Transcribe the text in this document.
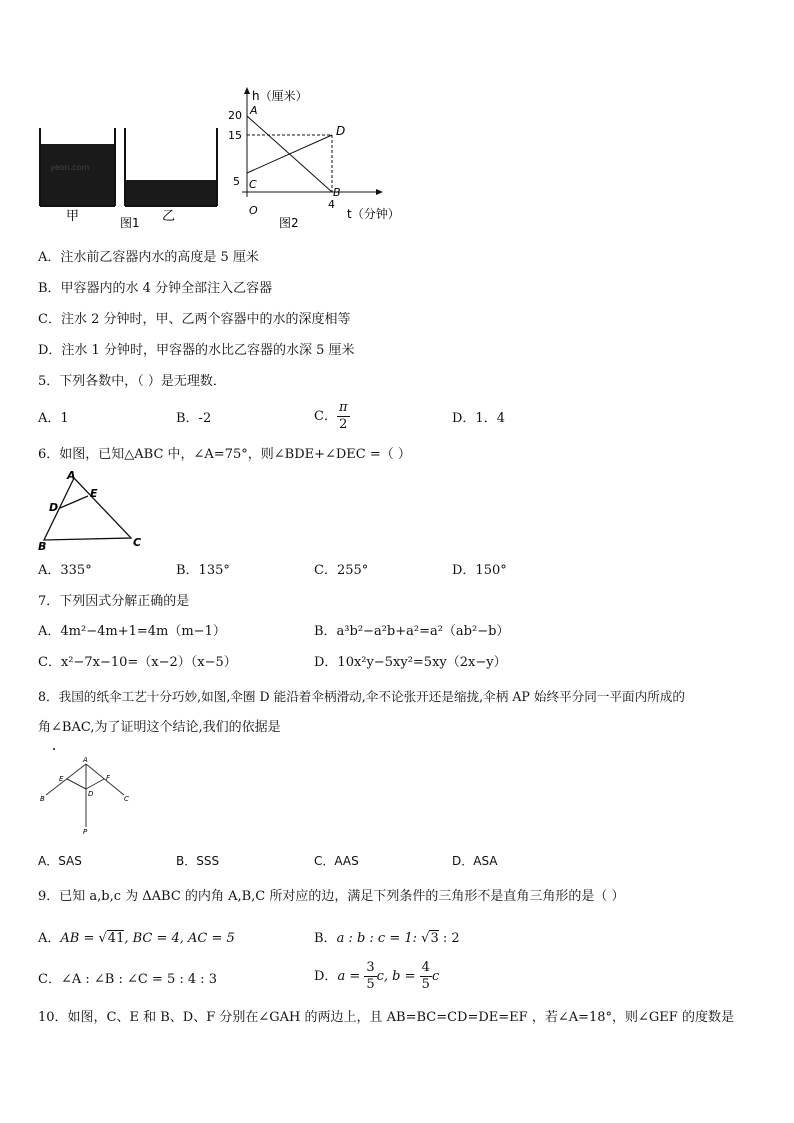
yeon.com
甲	图1 乙
h（厘米）
20
15
5
A
D
C
B
O	4
t（分钟）
图2
A．注水前乙容器内水的高度是 5 厘米
B．甲容器内的水 4 分钟全部注入乙容器
C．注水 2 分钟时，甲、乙两个容器中的水的深度相等
D．注水 1 分钟时，甲容器的水比乙容器的水深 5 厘米
5．下列各数中，（ ）是无理数．
A．1	B．-2	C． $\frac{\pi}{2}$	D．1．4
6．如图，已知△ABC 中，∠A=75°，则∠BDE+∠DEC =（ ）
A
E
D
B	C
A．335°	B．135°	C．255°	D．150°
7．下列因式分解正确的是
A．4m²−4m+1=4m（m−1）	B．a³b²−a²b+a²=a²（ab²−b）
C．x²−7x−10=（x−2）（x−5）	D．10x²y−5xy²=5xy（2x−y）
8．我国的纸伞工艺十分巧妙,如图,伞圈 D 能沿着伞柄滑动,伞不论张开还是缩拢,伞柄 AP 始终平分同一平面内所成的
角∠BAC,为了证明这个结论,我们的依据是
A
E	F
B
D
C
P
A．SAS	B．SSS	C．AAS	D．ASA
9．已知 a,b,c 为 ΔABC 的内角 A,B,C 所对应的边，满足下列条件的三角形不是直角三角形的是（ ）
A．AB = √41, BC = 4, AC = 5	B．a : b : c = 1: √3 : 2
C．∠A : ∠B : ∠C = 5 : 4 : 3	D．$a = \frac{3}{5} c$, $b = \frac{4}{5}$ c
10．如图，C、E 和 B、D、F 分别在∠GAH 的两边上，且 AB=BC=CD=DE=EF ，若∠A=18°，则∠GEF 的度数是
